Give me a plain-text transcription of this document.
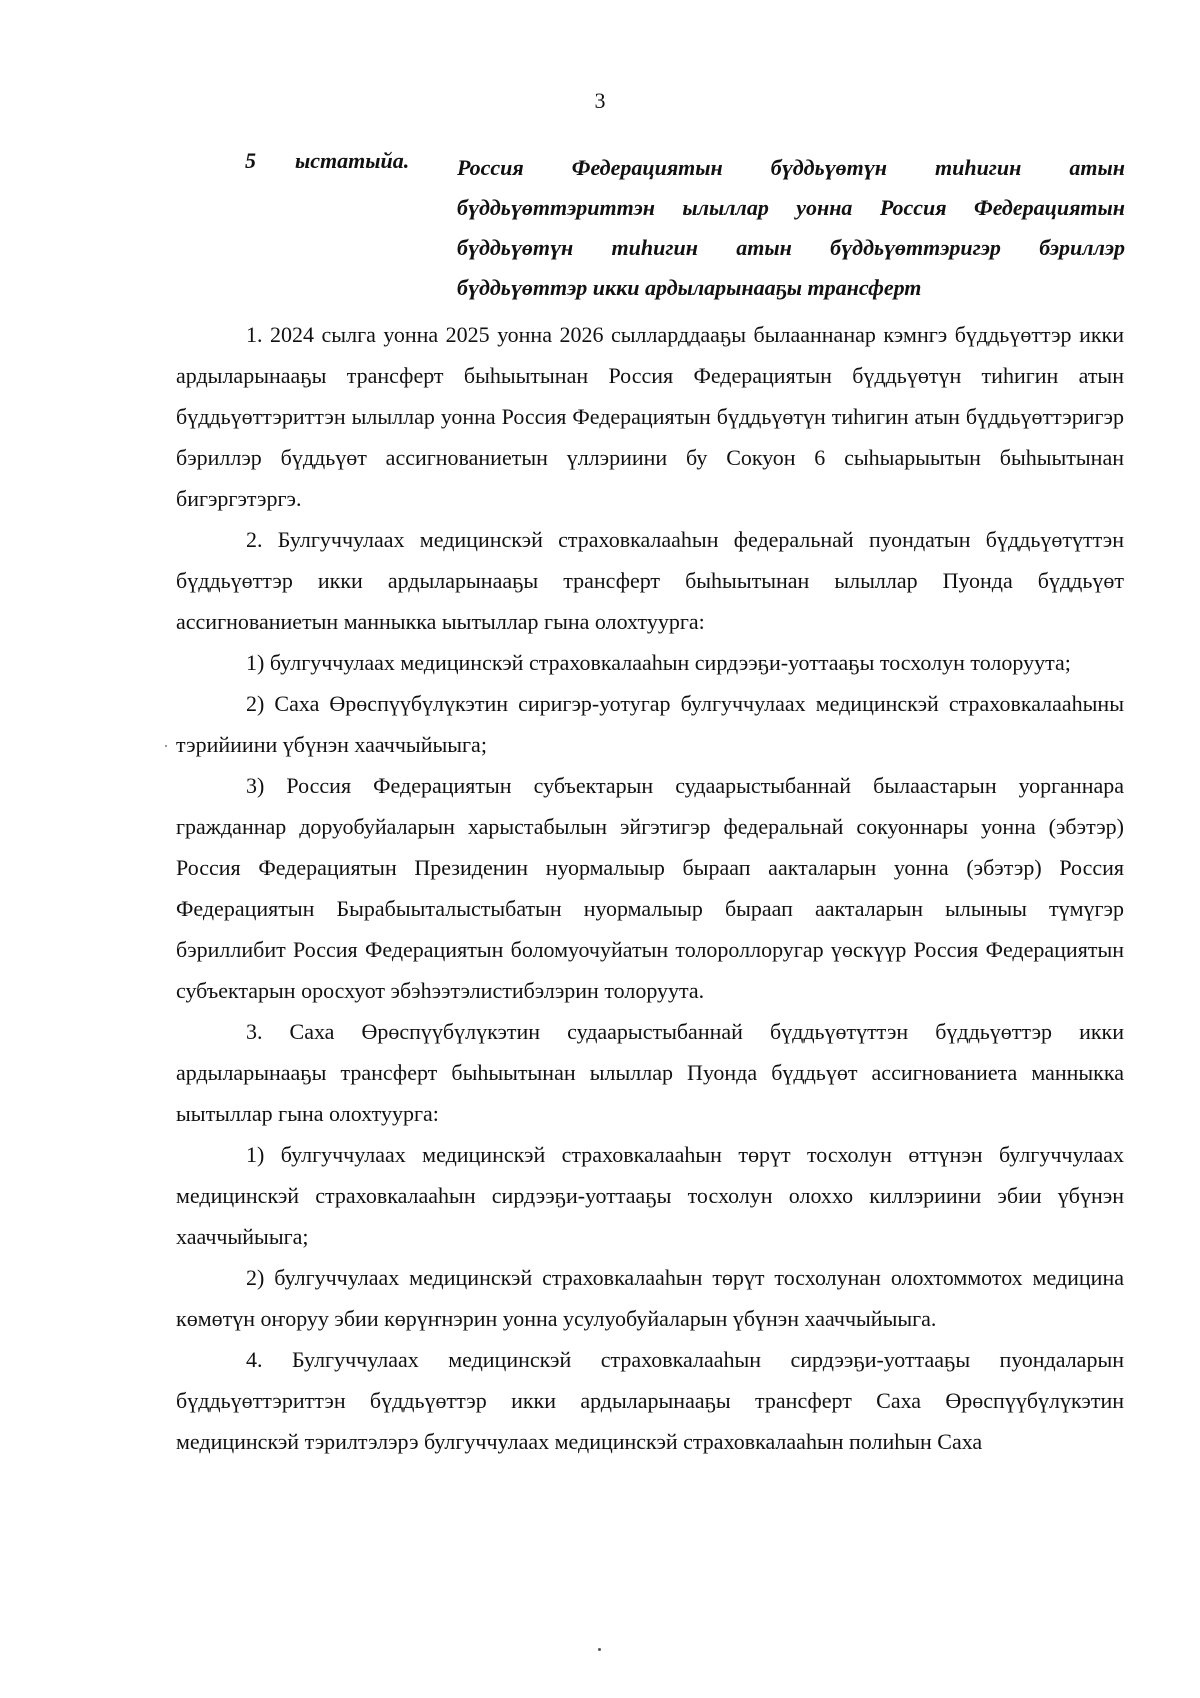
3
5 ыстатыйа. Россия Федерациятын бүддьүөтүн тиһигин атын бүддьүөттэриттэн ылыллар уонна Россия Федерациятын бүддьүөтүн тиһигин атын бүддьүөттэригэр бэриллэр бүддьүөттэр икки ардыларынааҕы трансферт

1. 2024 сылга уонна 2025 уонна 2026 сылларддааҕы былааннанар кэмнгэ бүддьүөттэр икки ардыларынааҕы трансферт быһыытынан Россия Федерациятын бүддьүөтүн тиһигин атын бүддьүөттэриттэн ылыллар уонна Россия Федерациятын бүддьүөтүн тиһигин атын бүддьүөттэригэр бэриллэр бүддьүөт ассигнованиетын үллэриини бу Сокуон 6 сыһыарыытын быһыытынан бигэргэтэргэ.

2. Булгуччулаах медицинскэй страховкалааһын федеральнай пуондатын бүддьүөтүттэн бүддьүөттэр икки ардыларынааҕы трансферт быһыытынан ылыллар Пуонда бүддьүөт ассигнованиетын манныкка ыытыллар гына олохтуурга:

1) булгуччулаах медицинскэй страховкалааһын сирдээҕи-уоттааҕы тосхолун толоруута;

2) Саха Өрөспүүбүлүкэтин сиригэр-уотугар булгуччулаах медицинскэй страховкалааһыны тэрийиини үбүнэн хааччыйыыга;

3) Россия Федерациятын субъектарын судаарыстыбаннай былаастарын уорганнара гражданнар доруобуйаларын харыстабылын эйгэтигэр федеральнай сокуоннары уонна (эбэтэр) Россия Федерациятын Президенин нуормалыыр быраап аакталарын уонна (эбэтэр) Россия Федерациятын Бырабыыталыстыбатын нуормалыыр быраап аакталарын ылыныы түмүгэр бэриллибит Россия Федерациятын боломуочуйатын толороллоругар үөскүүр Россия Федерациятын субъектарын оросхуот эбэһээтэлистибэлэрин толоруута.

3. Саха Өрөспүүбүлүкэтин судаарыстыбаннай бүддьүөтүттэн бүддьүөттэр икки ардыларынааҕы трансферт быһыытынан ылыллар Пуонда бүддьүөт ассигнованиета манныкка ыытыллар гына олохтуурга:

1) булгуччулаах медицинскэй страховкалааһын төрүт тосхолун өттүнэн булгуччулаах медицинскэй страховкалааһын сирдээҕи-уоттааҕы тосхолун олоххо киллэриини эбии үбүнэн хааччыйыыга;

2) булгуччулаах медицинскэй страховкалааһын төрүт тосхолунан олохтоммотох медицина көмөтүн оҥоруу эбии көрүҥнэрин уонна усулуобуйаларын үбүнэн хааччыйыыга.

4. Булгуччулаах медицинскэй страховкалааһын сирдээҕи-уоттааҕы пуондаларын бүддьүөттэриттэн бүддьүөттэр икки ардыларынааҕы трансферт Саха Өрөспүүбүлүкэтин медицинскэй тэрилтэлэрэ булгуччулаах медицинскэй страховкалааһын полиһын Саха
